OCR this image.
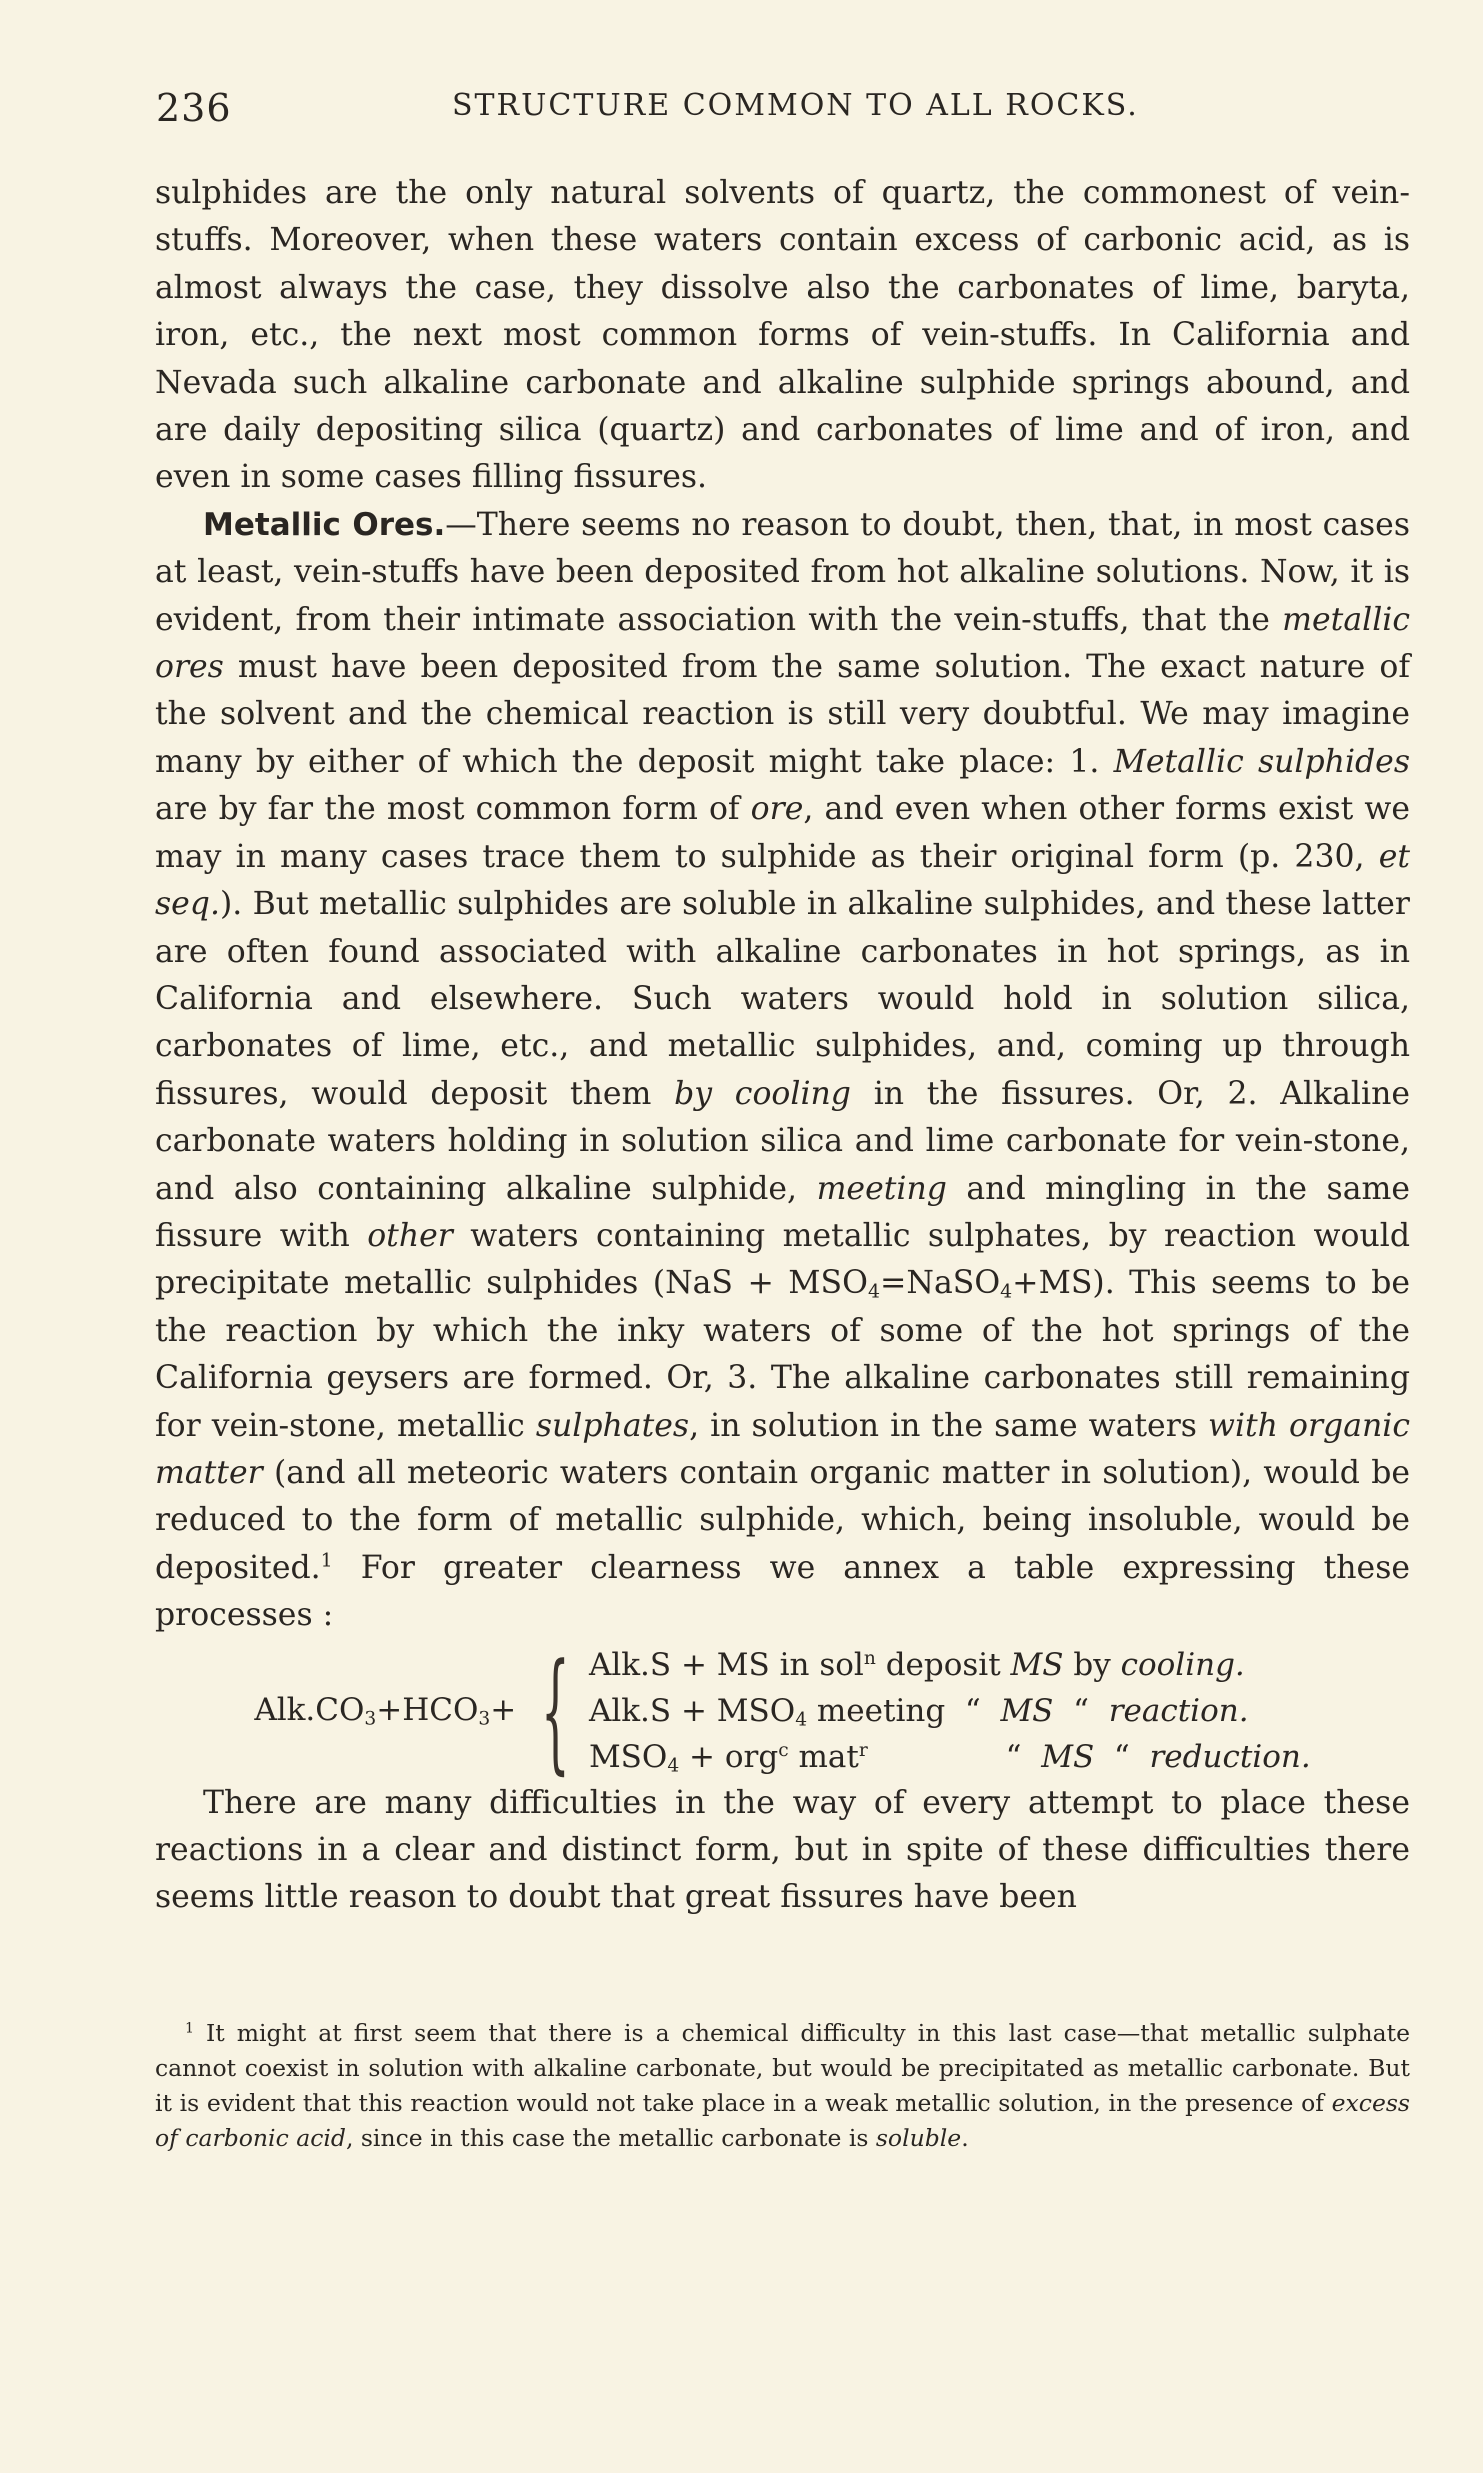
236	STRUCTURE COMMON TO ALL ROCKS.

sulphides are the only natural solvents of quartz, the commonest of vein-stuffs. Moreover, when these waters contain excess of carbonic acid, as is almost always the case, they dissolve also the carbonates of lime, baryta, iron, etc., the next most common forms of vein-stuffs. In California and Nevada such alkaline carbonate and alkaline sulphide springs abound, and are daily depositing silica (quartz) and carbonates of lime and of iron, and even in some cases filling fissures.

Metallic Ores.—There seems no reason to doubt, then, that, in most cases at least, vein-stuffs have been deposited from hot alkaline solutions. Now, it is evident, from their intimate association with the vein-stuffs, that the metallic ores must have been deposited from the same solution. The exact nature of the solvent and the chemical reaction is still very doubtful. We may imagine many by either of which the deposit might take place: 1. Metallic sulphides are by far the most common form of ore, and even when other forms exist we may in many cases trace them to sulphide as their original form (p. 230, et seq.). But metallic sulphides are soluble in alkaline sulphides, and these latter are often found associated with alkaline carbonates in hot springs, as in California and elsewhere. Such waters would hold in solution silica, carbonates of lime, etc., and metallic sulphides, and, coming up through fissures, would deposit them by cooling in the fissures. Or, 2. Alkaline carbonate waters holding in solution silica and lime carbonate for vein-stone, and also containing alkaline sulphide, meeting and mingling in the same fissure with other waters containing metallic sulphates, by reaction would precipitate metallic sulphides $(NaS + MSO_4=NaSO_4+MS)$. This seems to be the reaction by which the inky waters of some of the hot springs of the California geysers are formed. Or, 3. The alkaline carbonates still remaining for vein-stone, metallic sulphates, in solution in the same waters with organic matter (and all meteoric waters contain organic matter in solution), would be reduced to the form of metallic sulphide, which, being insoluble, would be deposited.$^1$ For greater clearness we annex a table expressing these processes :

$Alk.CO_3+HCO_3+$ { Alk.S + MS in sol$^n$ deposit MS by cooling.
$Alk.S + MSO_4$ meeting  “  MS  “  reaction.
$MSO_4 + org^c$ mat$^r$              “  MS  “  reduction.

There are many difficulties in the way of every attempt to place these reactions in a clear and distinct form, but in spite of these difficulties there seems little reason to doubt that great fissures have been

$^1$ It might at first seem that there is a chemical difficulty in this last case—that metallic sulphate cannot coexist in solution with alkaline carbonate, but would be precipitated as metallic carbonate. But it is evident that this reaction would not take place in a weak metallic solution, in the presence of excess of carbonic acid, since in this case the metallic carbonate is soluble.
